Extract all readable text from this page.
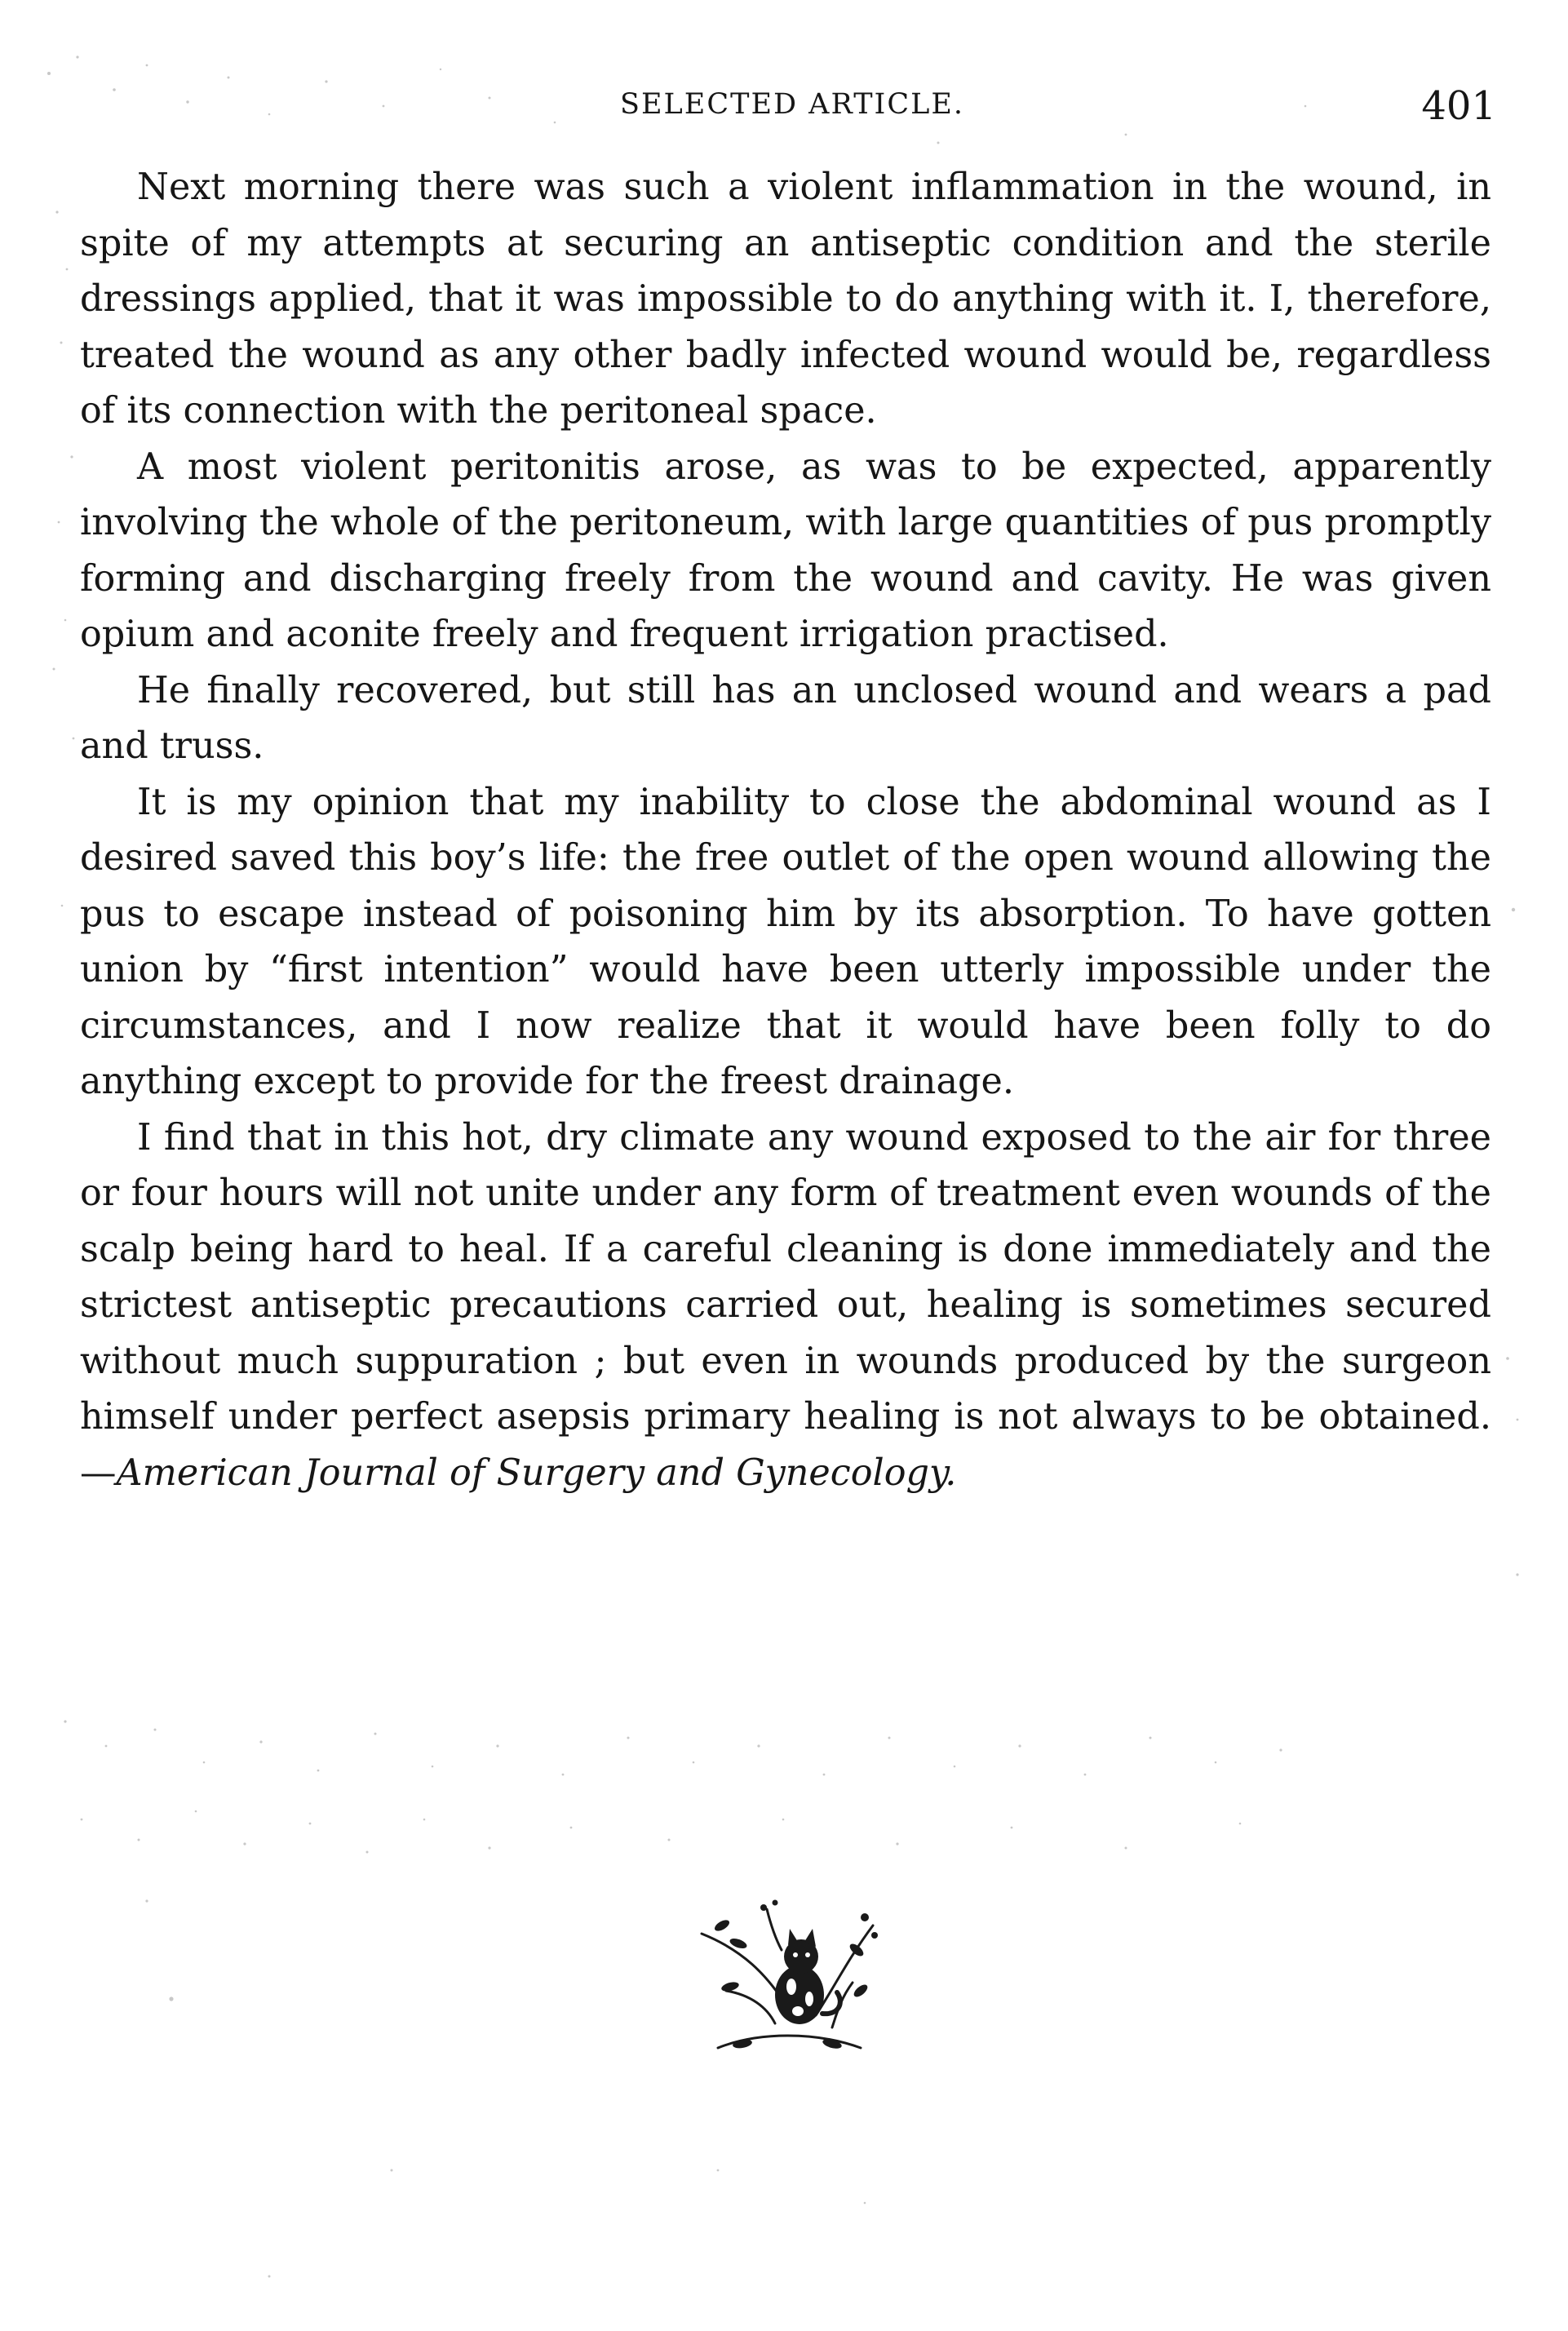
SELECTED ARTICLE.	401

Next morning there was such a violent inflammation in the wound, in spite of my attempts at securing an antiseptic condition and the sterile dressings applied, that it was impossible to do anything with it. I, therefore, treated the wound as any other badly infected wound would be, regardless of its connection with the peritoneal space.

A most violent peritonitis arose, as was to be expected, apparently involving the whole of the peritoneum, with large quantities of pus promptly forming and discharging freely from the wound and cavity. He was given opium and aconite freely and frequent irrigation practised.

He finally recovered, but still has an unclosed wound and wears a pad and truss.

It is my opinion that my inability to close the abdominal wound as I desired saved this boy’s life: the free outlet of the open wound allowing the pus to escape instead of poisoning him by its absorption. To have gotten union by “first intention” would have been utterly impossible under the circumstances, and I now realize that it would have been folly to do anything except to provide for the freest drainage.

I find that in this hot, dry climate any wound exposed to the air for three or four hours will not unite under any form of treatment even wounds of the scalp being hard to heal. If a careful cleaning is done immediately and the strictest antiseptic precautions carried out, healing is sometimes secured without much suppuration ; but even in wounds produced by the surgeon himself under perfect asepsis primary healing is not always to be obtained.—American Journal of Surgery and Gynecology.
